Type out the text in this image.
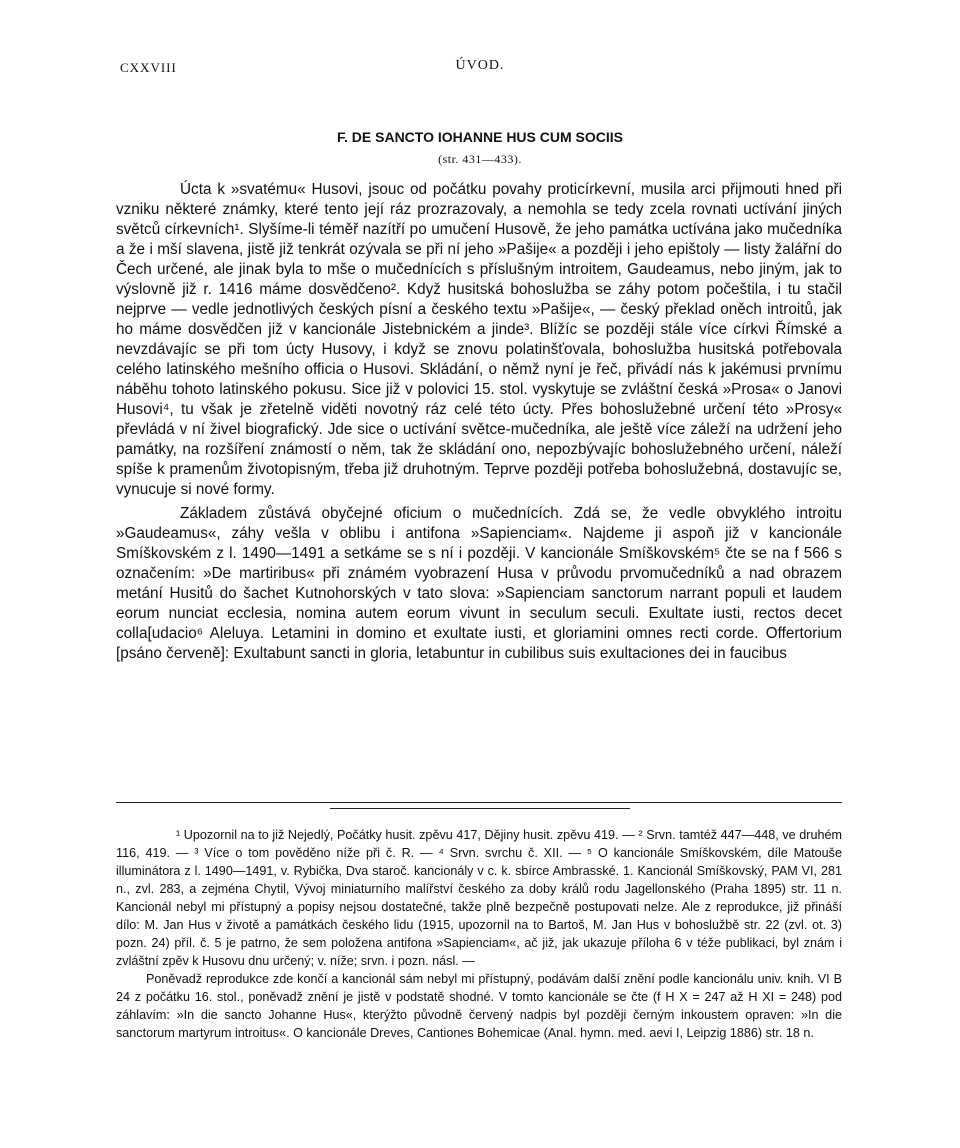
CXXVIII	ÚVOD.
F. DE SANCTO IOHANNE HUS CUM SOCIIS
(str. 431—433).

Úcta k »svatému« Husovi, jsouc od počátku povahy proticírkevní, musila arci přijmouti hned při vzniku některé známky, které tento její ráz prozrazovaly, a nemohla se tedy zcela rovnati uctívání jiných světců církevních¹. Slyšíme-li téměř nazítří po umučení Husově, že jeho památka uctívána jako mučedníka a že i mší slavena, jistě již tenkrát ozývala se při ní jeho »Pašije« a později i jeho epištoly — listy žalářní do Čech určené, ale jinak byla to mše o mučednících s příslušným introitem, Gaudeamus, nebo jiným, jak to výslovně již r. 1416 máme dosvědčeno². Když husitská bohoslužba se záhy potom počeštila, i tu stačil nejprve — vedle jednotlivých českých písní a českého textu »Pašije«, — český překlad oněch introitů, jak ho máme dosvědčen již v kancionále Jistebnickém a jinde³. Blížíc se později stále více církvi Římské a nevzdávajíc se při tom úcty Husovy, i když se znovu polatinšťovala, bohoslužba husitská potřebovala celého latinského mešního officia o Husovi. Skládání, o němž nyní je řeč, přivádí nás k jakémusi prvnímu náběhu tohoto latinského pokusu. Sice již v polovici 15. stol. vyskytuje se zvláštní česká »Prosa« o Janovi Husovi⁴, tu však je zřetelně viděti novotný ráz celé této úcty. Přes bohoslužebné určení této »Prosy« převládá v ní živel biografický. Jde sice o uctívání světce-mučedníka, ale ještě více záleží na udržení jeho památky, na rozšíření známostí o něm, tak že skládání ono, nepozbývajíc bohoslužebného určení, náleží spíše k pramenům životopisným, třeba již druhotným. Teprve později potřeba bohoslužebná, dostavujíc se, vynucuje si nové formy.

Základem zůstává obyčejné oficium o mučednících. Zdá se, že vedle obvyklého introitu »Gaudeamus«, záhy vešla v oblibu i antifona »Sapienciam«. Najdeme ji aspoň již v kancionále Smíškovském z l. 1490—1491 a setkáme se s ní i později. V kancionále Smíškovském⁵ čte se na f 566 s označením: »De martiribus« při známém vyobrazení Husa v průvodu prvomučedníků a nad obrazem metání Husitů do šachet Kutnohorských v tato slova: »Sapienciam sanctorum narrant populi et laudem eorum nunciat ecclesia, nomina autem eorum vivunt in seculum seculi. Exultate iusti, rectos decet colla[udacio⁶ Aleluya. Letamini in domino et exultate iusti, et gloriamini omnes recti corde. Offertorium [psáno červeně]: Exultabunt sancti in gloria, letabuntur in cubilibus suis exultaciones dei in faucibus

¹ Upozornil na to již Nejedlý, Počátky husit. zpěvu 417, Dějiny husit. zpěvu 419. — ² Srvn. tamtéž 447—448, ve druhém 116, 419. — ³ Více o tom pověděno níže při č. R. — ⁴ Srvn. svrchu č. XII. — ⁵ O kancionále Smíškovském, díle Matouše illuminátora z l. 1490—1491, v. Rybička, Dva staroč. kancionály v c. k. sbírce Ambrasské. 1. Kancionál Smíškovský, PAM VI, 281 n., zvl. 283, a zejména Chytil, Vývoj miniaturního malířství českého za doby králů rodu Jagellonského (Praha 1895) str. 11 n. Kancionál nebyl mi přístupný a popisy nejsou dostatečné, takže plně bezpečně postupovati nelze. Ale z reprodukce, již přináší dílo: M. Jan Hus v životě a památkách českého lidu (1915, upozornil na to Bartoš, M. Jan Hus v bohoslužbě str. 22 (zvl. ot. 3) pozn. 24) příl. č. 5 je patrno, že sem položena antifona »Sapienciam«, ač již, jak ukazuje příloha 6 v téže publikaci, byl znám i zvláštní zpěv k Husovu dnu určený; v. níže; srvn. i pozn. násl. —

Poněvadž reprodukce zde končí a kancionál sám nebyl mi přístupný, podávám další znění podle kancionálu univ. knih. VI B 24 z počátku 16. stol., poněvadž znění je jistě v podstatě shodné. V tomto kancionále se čte (f H X = 247 až H XI = 248) pod záhlavím: »In die sancto Johanne Hus«, kterýžto původně červený nadpis byl později černým inkoustem opraven: »In die sanctorum martyrum introitus«. O kancionále Dreves, Cantiones Bohemicae (Anal. hymn. med. aevi I, Leipzig 1886) str. 18 n.
